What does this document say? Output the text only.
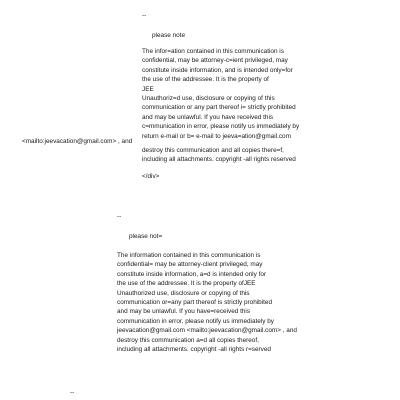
--
please note
The infor=ation contained in this communication is
confidential, may be attorney-c=ient privileged, may
constitute inside information, and is intended only=for
the use of the addressee. It is the property of
JEE
Unauthoriz=d use, disclosure or copying of this
communication or any part thereof i= strictly prohibited
and may be unlawful. If you have received this
c=mmunication in error, please notify us immediately by
return e-mail or b= e-mail to jeeva=ation@gmail.com
<mailto:jeevacation@gmail.com> , and
destroy this communication and all copies there=f,
including all attachments. copyright -all rights reserved
</div>
--
please not=
The information contained in this communication is
confidential= may be attorney-client privileged, may
constitute inside information, a=d is intended only for
the use of the addressee. It is the property ofJEE
Unauthorized use, disclosure or copying of this
communication or=any part thereof is strictly prohibited
and may be unlawful. If you have=received this
communication in error, please notify us immediately by
jeevacation@gmail.com <mailto:jeevacation@gmail.com> , and
destroy this communication a=d all copies thereof,
including all attachments. copyright -all rights r=served
--
